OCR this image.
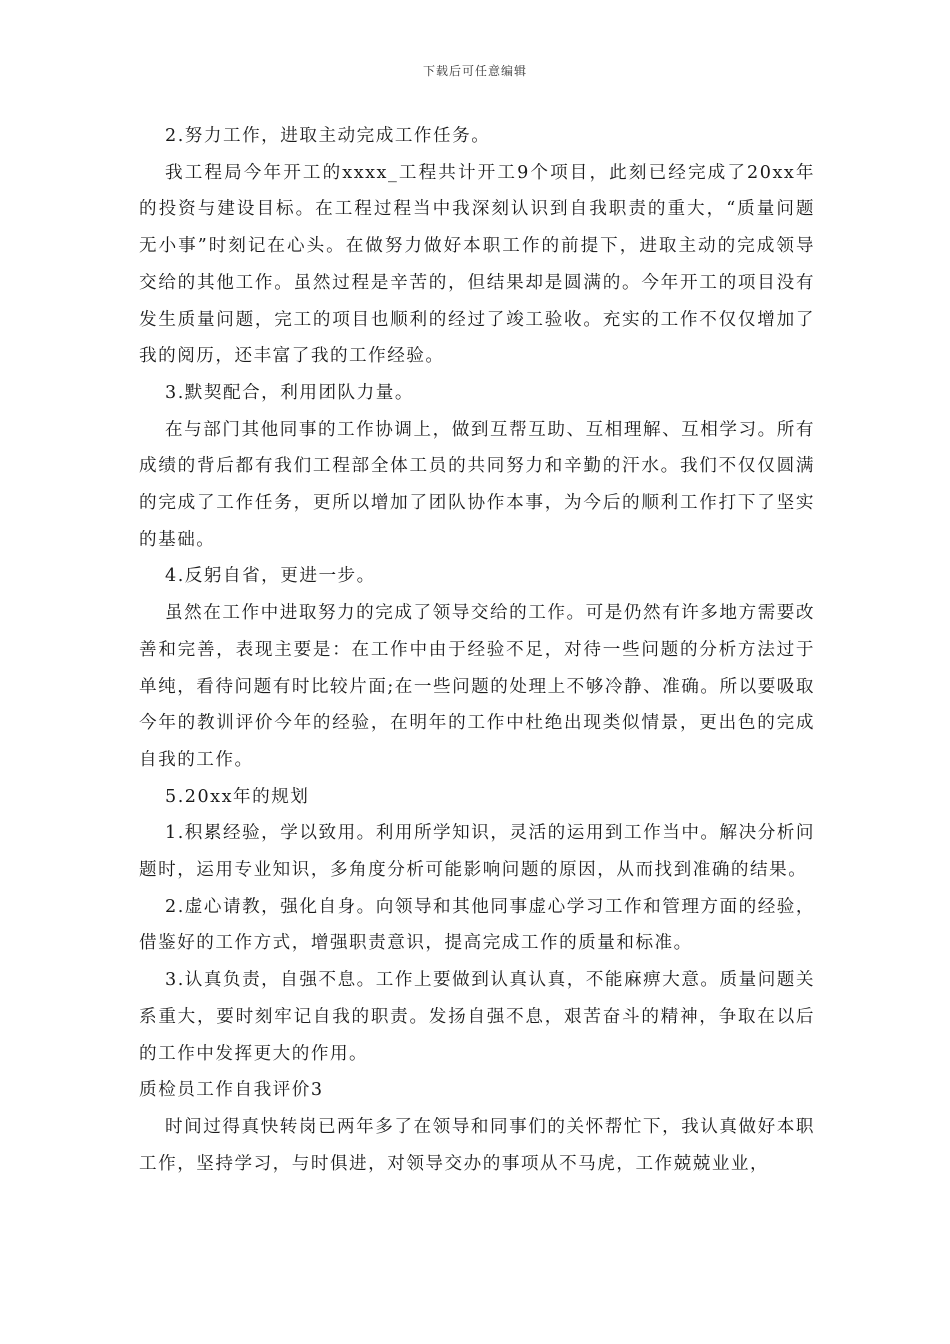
下载后可任意编辑

2.努力工作，进取主动完成工作任务。

我工程局今年开工的xxxx_工程共计开工9个项目，此刻已经完成了20xx年的投资与建设目标。在工程过程当中我深刻认识到自我职责的重大，“质量问题无小事”时刻记在心头。在做努力做好本职工作的前提下，进取主动的完成领导交给的其他工作。虽然过程是辛苦的，但结果却是圆满的。今年开工的项目没有发生质量问题，完工的项目也顺利的经过了竣工验收。充实的工作不仅仅增加了我的阅历，还丰富了我的工作经验。

3.默契配合，利用团队力量。

在与部门其他同事的工作协调上，做到互帮互助、互相理解、互相学习。所有成绩的背后都有我们工程部全体工员的共同努力和辛勤的汗水。我们不仅仅圆满的完成了工作任务，更所以增加了团队协作本事，为今后的顺利工作打下了坚实的基础。

4.反躬自省，更进一步。

虽然在工作中进取努力的完成了领导交给的工作。可是仍然有许多地方需要改善和完善，表现主要是：在工作中由于经验不足，对待一些问题的分析方法过于单纯，看待问题有时比较片面;在一些问题的处理上不够冷静、准确。所以要吸取今年的教训评价今年的经验，在明年的工作中杜绝出现类似情景，更出色的完成自我的工作。

5.20xx年的规划

1.积累经验，学以致用。利用所学知识，灵活的运用到工作当中。解决分析问题时，运用专业知识，多角度分析可能影响问题的原因，从而找到准确的结果。

2.虚心请教，强化自身。向领导和其他同事虚心学习工作和管理方面的经验，借鉴好的工作方式，增强职责意识，提高完成工作的质量和标准。

3.认真负责，自强不息。工作上要做到认真认真，不能麻痹大意。质量问题关系重大，要时刻牢记自我的职责。发扬自强不息，艰苦奋斗的精神，争取在以后的工作中发挥更大的作用。

质检员工作自我评价3

时间过得真快转岗已两年多了在领导和同事们的关怀帮忙下，我认真做好本职工作，坚持学习，与时俱进，对领导交办的事项从不马虎，工作兢兢业业，
